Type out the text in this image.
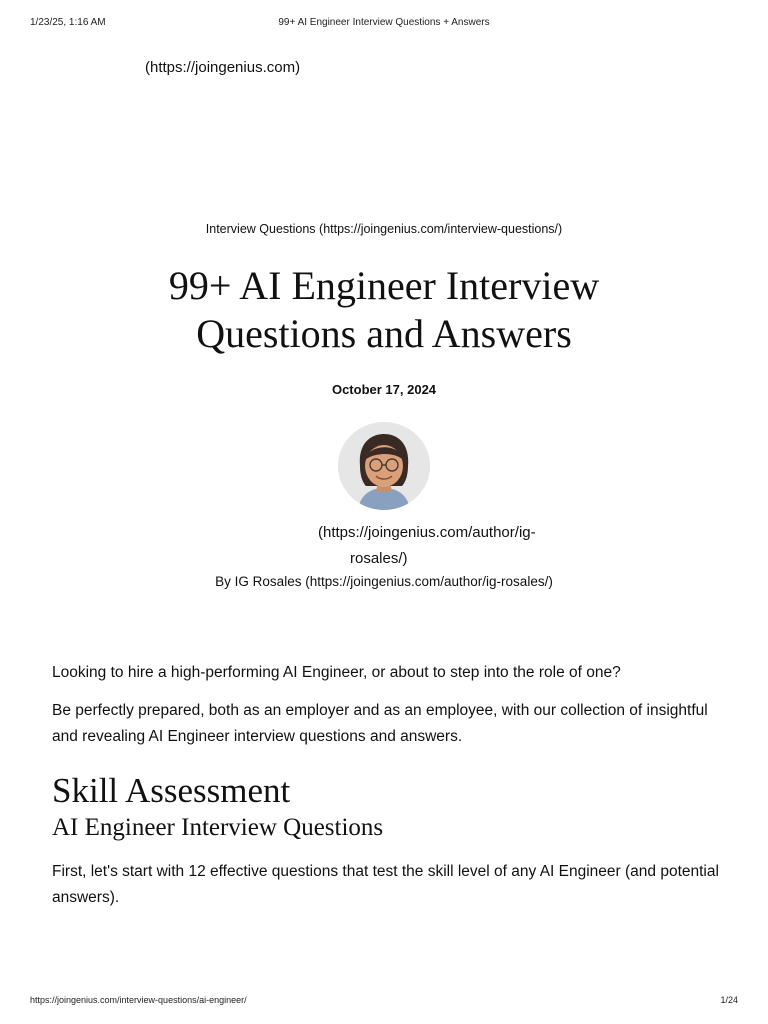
1/23/25, 1:16 AM	99+ AI Engineer Interview Questions + Answers
(https://joingenius.com)
Interview Questions (https://joingenius.com/interview-questions/)
99+ AI Engineer Interview
Questions and Answers
October 17, 2024
(https://joingenius.com/author/ig-
rosales/)
By IG Rosales (https://joingenius.com/author/ig-rosales/)

Looking to hire a high-performing AI Engineer, or about to step into the role of one?

Be perfectly prepared, both as an employer and as an employee, with our collection of insightful and revealing AI Engineer interview questions and answers.

Skill Assessment
AI Engineer Interview Questions

First, let's start with 12 effective questions that test the skill level of any AI Engineer (and potential answers).

https://joingenius.com/interview-questions/ai-engineer/	1/24
